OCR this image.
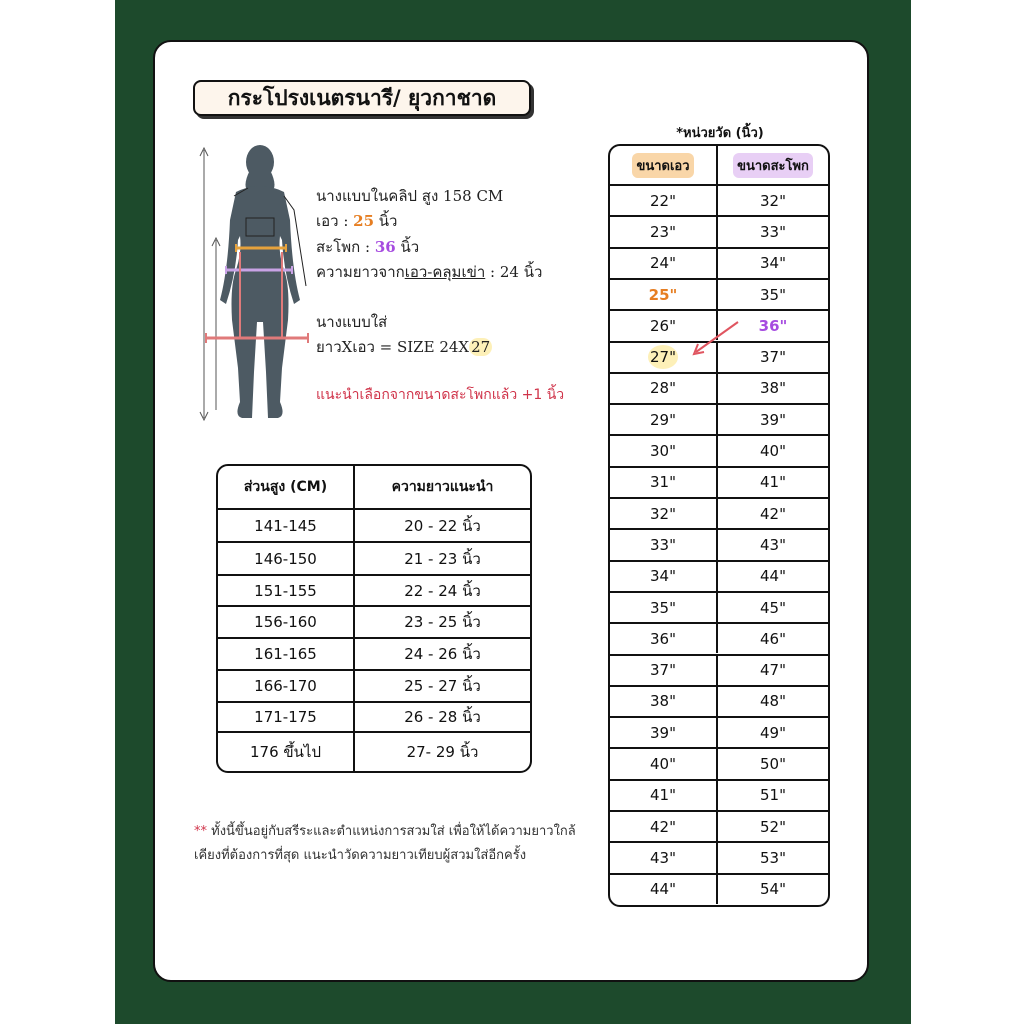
กระโปรงเนตรนารี/ ยุวกาชาด
นางแบบในคลิป สูง 158 CM
เอว : 25 นิ้ว
สะโพก : 36 นิ้ว
ความยาวจากเอว-คลุมเข่า : 24 นิ้ว
นางแบบใส่
ยาวXเอว = SIZE 24X 27
แนะนำเลือกจากขนาดสะโพกแล้ว +1 นิ้ว
ส่วนสูง (CM)	ความยาวแนะนำ
141-145	20 - 22 นิ้ว
146-150	21 - 23 นิ้ว
151-155	22 - 24 นิ้ว
156-160	23 - 25 นิ้ว
161-165	24 - 26 นิ้ว
166-170	25 - 27 นิ้ว
171-175	26 - 28 นิ้ว
176 ขึ้นไป	27- 29 นิ้ว
** ทั้งนี้ขึ้นอยู่กับสรีระและตำแหน่งการสวมใส่ เพื่อให้ได้ความยาวใกล้เคียงที่ต้องการที่สุด แนะนำวัดความยาวเทียบผู้สวมใส่อีกครั้ง
*หน่วยวัด (นิ้ว)
ขนาดเอว	ขนาดสะโพก
22"	32"
23"	33"
24"	34"
25"	35"
26"	36"
27"	37"
28"	38"
29"	39"
30"	40"
31"	41"
32"	42"
33"	43"
34"	44"
35"	45"
36"	46"
37"	47"
38"	48"
39"	49"
40"	50"
41"	51"
42"	52"
43"	53"
44"	54"
